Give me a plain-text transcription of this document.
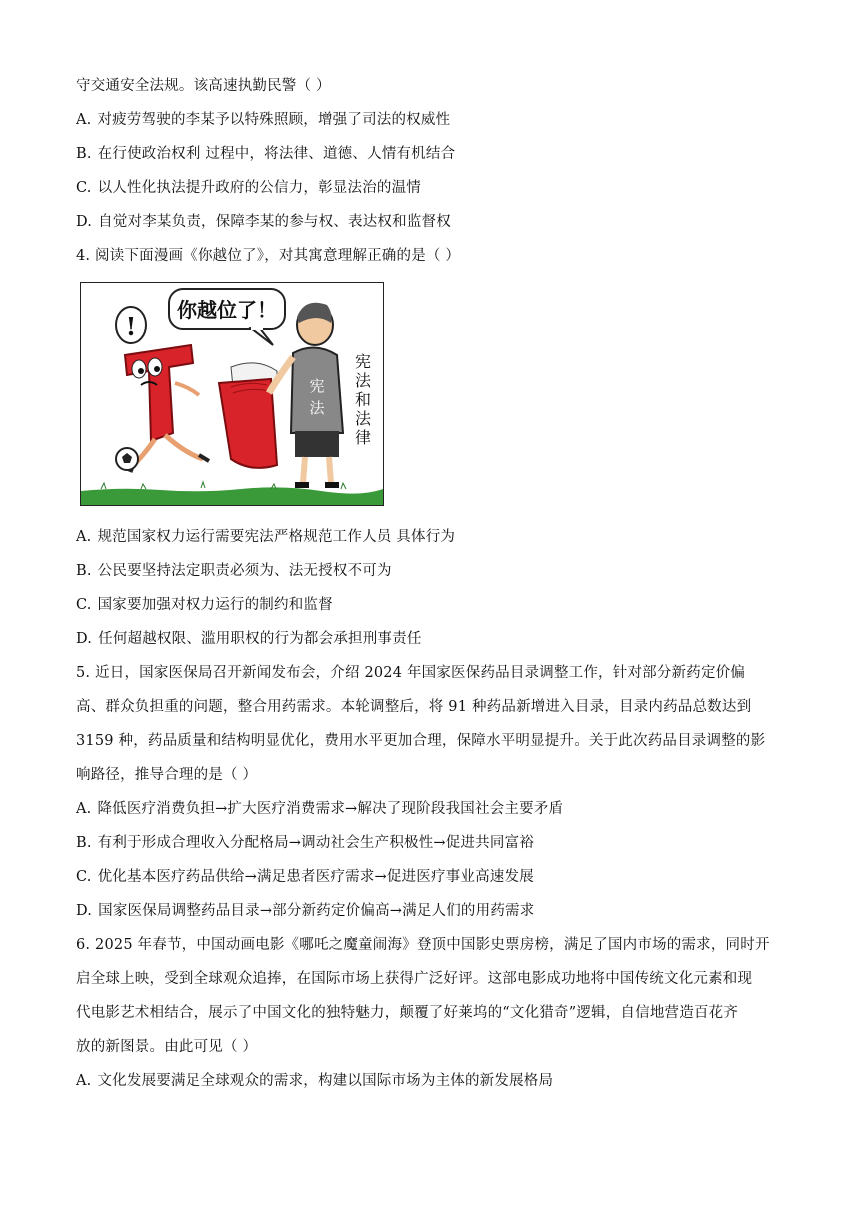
守交通安全法规。该高速执勤民警（ ）
A. 对疲劳驾驶的李某予以特殊照顾，增强了司法的权威性
B. 在行使政治权利 过程中，将法律、道德、人情有机结合
C. 以人性化执法提升政府的公信力，彰显法治的温情
D. 自觉对李某负责，保障李某的参与权、表达权和监督权
4. 阅读下面漫画《你越位了》，对其寓意理解正确的是（ ）
A. 规范国家权力运行需要宪法严格规范工作人员 具体行为
B. 公民要坚持法定职责必须为、法无授权不可为
C. 国家要加强对权力运行的制约和监督
D. 任何超越权限、滥用职权的行为都会承担刑事责任
5. 近日，国家医保局召开新闻发布会，介绍 2024 年国家医保药品目录调整工作，针对部分新药定价偏
高、群众负担重的问题，整合用药需求。本轮调整后，将 91 种药品新增进入目录，目录内药品总数达到
3159 种，药品质量和结构明显优化，费用水平更加合理，保障水平明显提升。关于此次药品目录调整的影
响路径，推导合理的是（ ）
A. 降低医疗消费负担→扩大医疗消费需求→解决了现阶段我国社会主要矛盾
B. 有利于形成合理收入分配格局→调动社会生产积极性→促进共同富裕
C. 优化基本医疗药品供给→满足患者医疗需求→促进医疗事业高速发展
D. 国家医保局调整药品目录→部分新药定价偏高→满足人们的用药需求
6. 2025 年春节，中国动画电影《哪吒之魔童闹海》登顶中国影史票房榜，满足了国内市场的需求，同时开
启全球上映，受到全球观众追捧，在国际市场上获得广泛好评。这部电影成功地将中国传统文化元素和现
代电影艺术相结合，展示了中国文化的独特魅力，颠覆了好莱坞的“文化猎奇”逻辑，自信地营造百花齐
放的新图景。由此可见（ ）
A. 文化发展要满足全球观众的需求，构建以国际市场为主体的新发展格局
你越位了！
!
宪
法
宪
法
和
法
律
